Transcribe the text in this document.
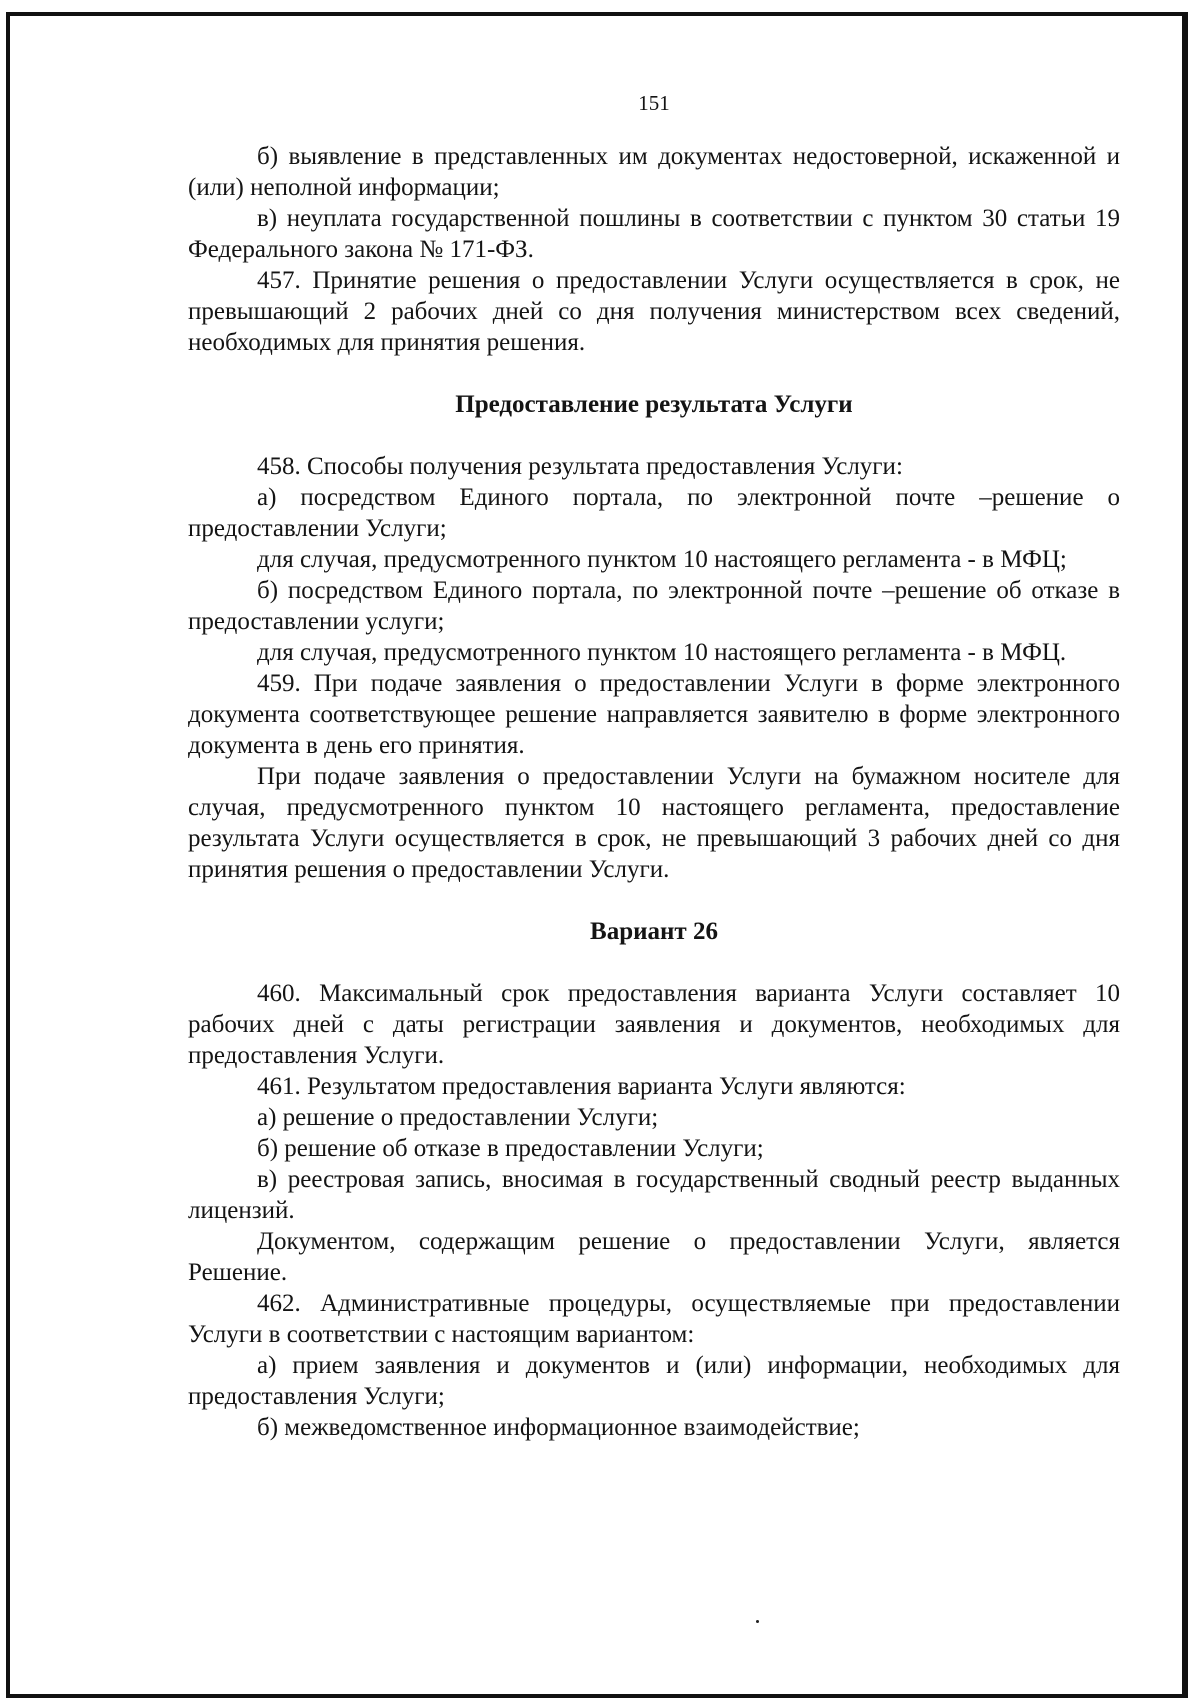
151

б) выявление в представленных им документах недостоверной, искаженной и (или) неполной информации;

в) неуплата государственной пошлины в соответствии с пунктом 30 статьи 19 Федерального закона № 171-ФЗ.

457. Принятие решения о предоставлении Услуги осуществляется в срок, не превышающий 2 рабочих дней со дня получения министерством всех сведений, необходимых для принятия решения.

Предоставление результата Услуги

458. Способы получения результата предоставления Услуги:

а) посредством Единого портала, по электронной почте –решение о предоставлении Услуги;

для случая, предусмотренного пунктом 10 настоящего регламента - в МФЦ;

б) посредством Единого портала, по электронной почте –решение об отказе в предоставлении услуги;

для случая, предусмотренного пунктом 10 настоящего регламента - в МФЦ.

459. При подаче заявления о предоставлении Услуги в форме электронного документа соответствующее решение направляется заявителю в форме электронного документа в день его принятия.

При подаче заявления о предоставлении Услуги на бумажном носителе для случая, предусмотренного пунктом 10 настоящего регламента, предоставление результата Услуги осуществляется в срок, не превышающий 3 рабочих дней со дня принятия решения о предоставлении Услуги.

Вариант 26

460. Максимальный срок предоставления варианта Услуги составляет 10 рабочих дней с даты регистрации заявления и документов, необходимых для предоставления Услуги.

461. Результатом предоставления варианта Услуги являются:

а) решение о предоставлении Услуги;

б) решение об отказе в предоставлении Услуги;

в) реестровая запись, вносимая в государственный сводный реестр выданных лицензий.

Документом, содержащим решение о предоставлении Услуги, является Решение.

462. Административные процедуры, осуществляемые при предоставлении Услуги в соответствии с настоящим вариантом:

а) прием заявления и документов и (или) информации, необходимых для предоставления Услуги;

б) межведомственное информационное взаимодействие;
